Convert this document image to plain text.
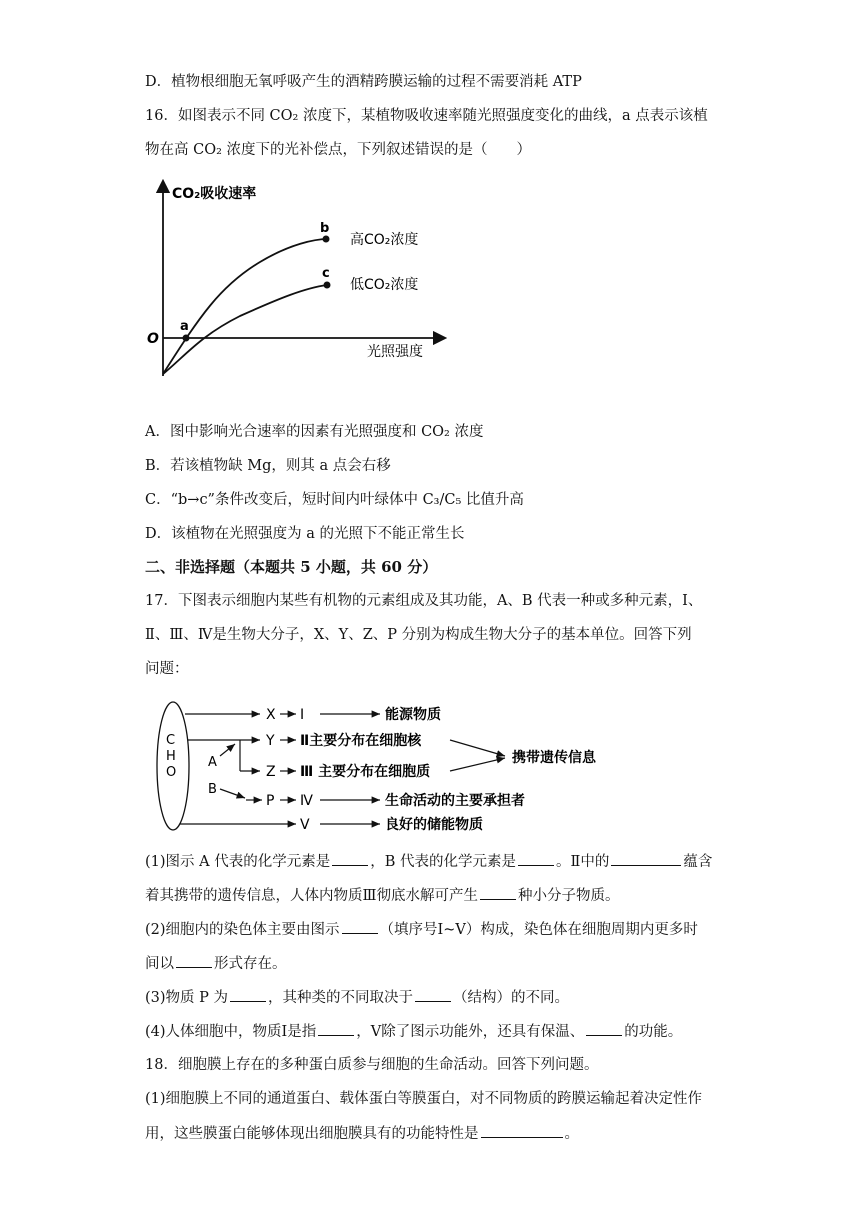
D．植物根细胞无氧呼吸产生的酒精跨膜运输的过程不需要消耗 ATP
16．如图表示不同 CO₂ 浓度下，某植物吸收速率随光照强度变化的曲线，a 点表示该植
物在高 CO₂ 浓度下的光补偿点，下列叙述错误的是（　　）
CO₂吸收速率
光照强度
O
a
b
c
高CO₂浓度
低CO₂浓度
A．图中影响光合速率的因素有光照强度和 CO₂ 浓度
B．若该植物缺 Mg，则其 a 点会右移
C．“b→c”条件改变后，短时间内叶绿体中 C₃/C₅ 比值升高
D．该植物在光照强度为 a 的光照下不能正常生长
二、非选择题（本题共 5 小题，共 60 分）
17．下图表示细胞内某些有机物的元素组成及其功能，A、B 代表一种或多种元素，Ⅰ、
Ⅱ、Ⅲ、Ⅳ是生物大分子，X、Y、Z、P 分别为构成生物大分子的基本单位。回答下列
问题：
C
H
O
X Ⅰ	能源物质
Y Ⅱ主要分布在细胞核
A
Z Ⅲ 主要分布在细胞质
携带遗传信息
B
P Ⅳ	生命活动的主要承担者
Ⅴ	良好的储能物质
(1)图示 A 代表的化学元素是	，B 代表的化学元素是	。Ⅱ中的	蕴含
着其携带的遗传信息，人体内物质Ⅲ彻底水解可产生	种小分子物质。
(2)细胞内的染色体主要由图示	（填序号Ⅰ~Ⅴ）构成，染色体在细胞周期内更多时
间以	形式存在。
(3)物质 P 为	，其种类的不同取决于	（结构）的不同。
(4)人体细胞中，物质Ⅰ是指	，Ⅴ除了图示功能外，还具有保温、	的功能。
18．细胞膜上存在的多种蛋白质参与细胞的生命活动。回答下列问题。
(1)细胞膜上不同的通道蛋白、载体蛋白等膜蛋白，对不同物质的跨膜运输起着决定性作
用，这些膜蛋白能够体现出细胞膜具有的功能特性是	。
